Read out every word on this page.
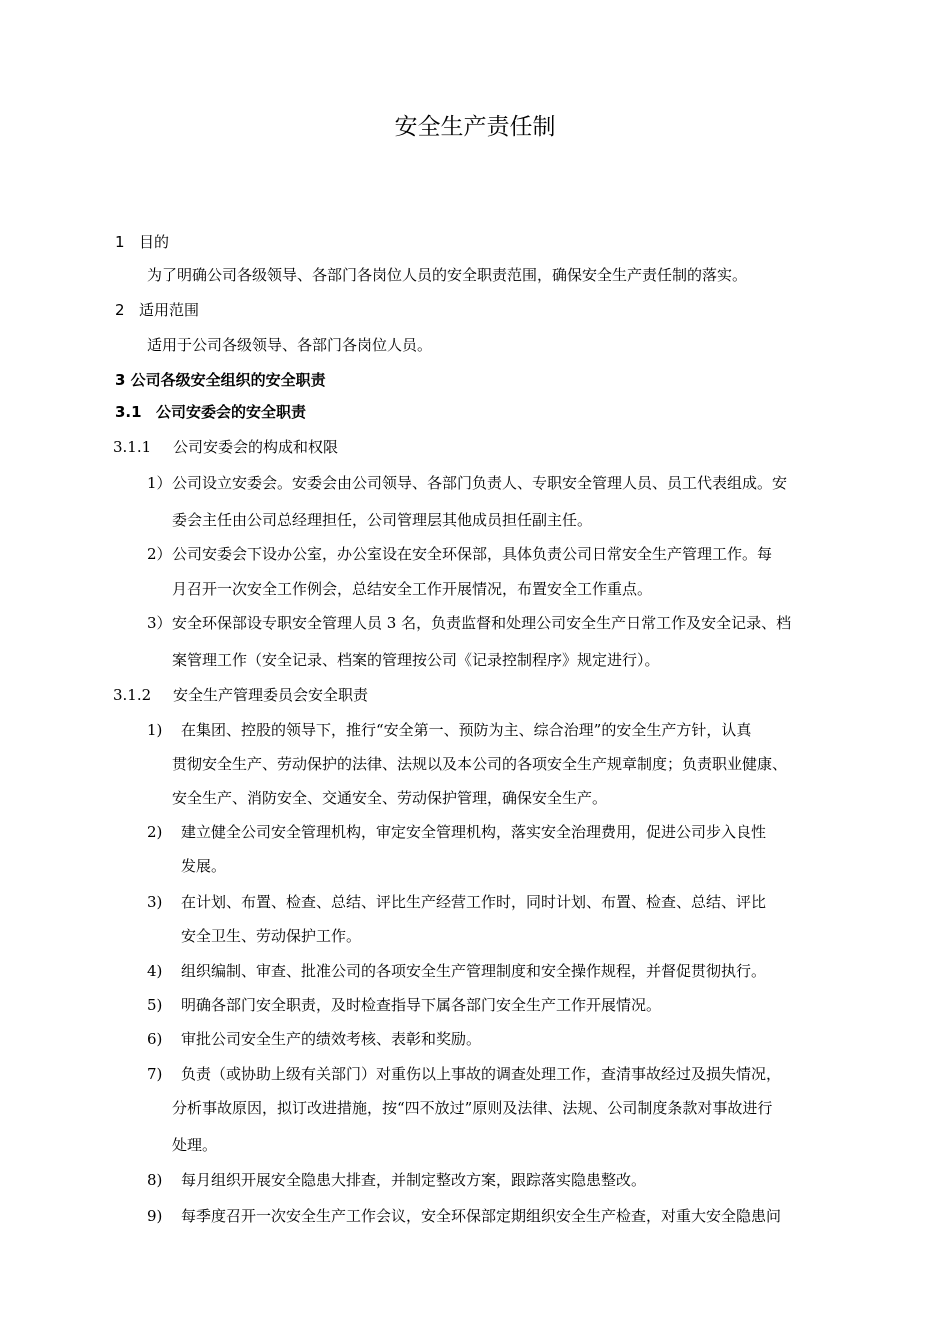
安全生产责任制
1 目的
为了明确公司各级领导、各部门各岗位人员的安全职责范围，确保安全生产责任制的落实。
2 适用范围
适用于公司各级领导、各部门各岗位人员。
3 公司各级安全组织的安全职责
3.1 公司安委会的安全职责
3.1.1 公司安委会的构成和权限
1） 公司设立安委会。安委会由公司领导、各部门负责人、专职安全管理人员、员工代表组成。安
委会主任由公司总经理担任，公司管理层其他成员担任副主任。
2） 公司安委会下设办公室，办公室设在安全环保部，具体负责公司日常安全生产管理工作。每
月召开一次安全工作例会，总结安全工作开展情况，布置安全工作重点。
3） 安全环保部设专职安全管理人员 3 名，负责监督和处理公司安全生产日常工作及安全记录、档
案管理工作（安全记录、档案的管理按公司《记录控制程序》规定进行）。
3.1.2 安全生产管理委员会安全职责
1) 在集团、控股的领导下，推行“安全第一、预防为主、综合治理”的安全生产方针，认真
贯彻安全生产、劳动保护的法律、法规以及本公司的各项安全生产规章制度；负责职业健康、
安全生产、消防安全、交通安全、劳动保护管理，确保安全生产。
2) 建立健全公司安全管理机构，审定安全管理机构，落实安全治理费用，促进公司步入良性
发展。
3) 在计划、布置、检查、总结、评比生产经营工作时，同时计划、布置、检查、总结、评比
安全卫生、劳动保护工作。
4) 组织编制、审查、批准公司的各项安全生产管理制度和安全操作规程，并督促贯彻执行。
5) 明确各部门安全职责，及时检查指导下属各部门安全生产工作开展情况。
6) 审批公司安全生产的绩效考核、表彰和奖励。
7) 负责（或协助上级有关部门）对重伤以上事故的调查处理工作，查清事故经过及损失情况，
分析事故原因，拟订改进措施，按“四不放过”原则及法律、法规、公司制度条款对事故进行
处理。
8) 每月组织开展安全隐患大排查，并制定整改方案，跟踪落实隐患整改。
9) 每季度召开一次安全生产工作会议，安全环保部定期组织安全生产检查，对重大安全隐患问
